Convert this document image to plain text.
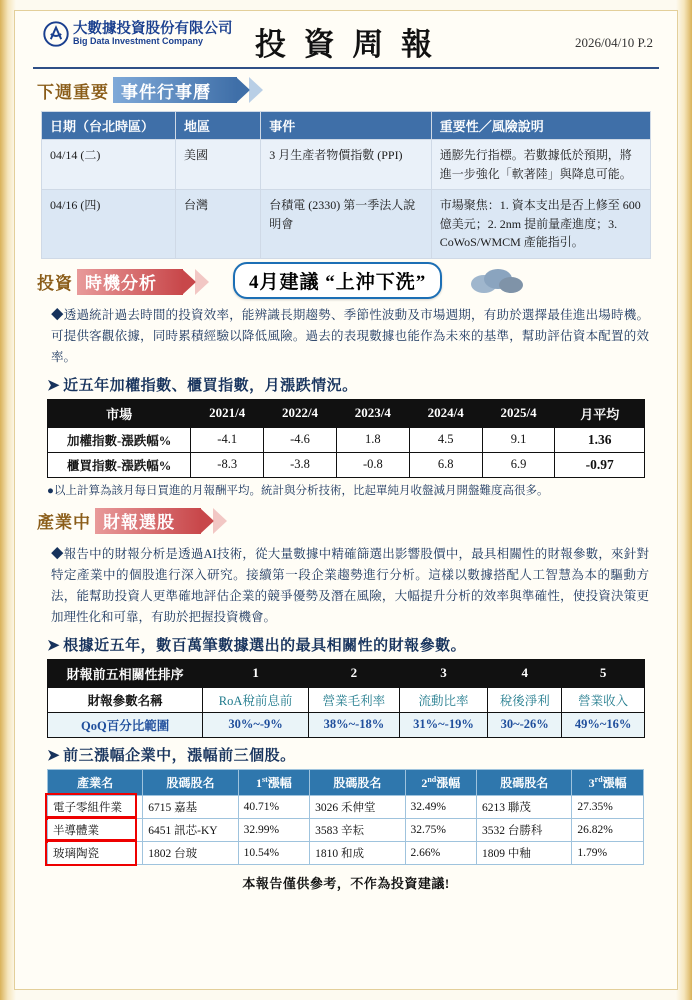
大數據投資股份有限公司
Big Data Investment Company	投 資 周 報	2026/04/10 P.2
下週重要 事件行事曆
日期（台北時區）	地區	事件	重要性／風險說明
04/14 (二)	美國	3 月生產者物價指數 (PPI)	通膨先行指標。若數據低於預期，將進一步強化「軟著陸」與降息可能。
04/16 (四)	台灣	台積電 (2330) 第一季法人說明會	市場聚焦：1. 資本支出是否上修至 600 億美元；2. 2nm 提前量產進度；3. CoWoS/WMCM 產能指引。
投資 時機分析	4月建議 “上沖下洗”
◆透過統計過去時間的投資效率，能辨識長期趨勢、季節性波動及市場週期，有助於選擇最佳進出場時機。可提供客觀依據，同時累積經驗以降低風險。過去的表現數據也能作為未來的基準，幫助評估資本配置的效率。
➤ 近五年加權指數、櫃買指數，月漲跌情況。
市場	2021/4	2022/4	2023/4	2024/4	2025/4	月平均
加權指數-漲跌幅%	-4.1	-4.6	1.8	4.5	9.1	1.36
櫃買指數-漲跌幅%	-8.3	-3.8	-0.8	6.8	6.9	-0.97
●以上計算為該月每日買進的月報酬平均。統計與分析技術，比起單純月收盤減月開盤難度高很多。
產業中 財報選股
◆報告中的財報分析是透過AI技術，從大量數據中精確篩選出影響股價中，最具相關性的財報參數，來針對特定產業中的個股進行深入研究。接續第一段企業趨勢進行分析。這樣以數據搭配人工智慧為本的驅動方法，能幫助投資人更準確地評估企業的競爭優勢及潛在風險，大幅提升分析的效率與準確性，使投資決策更加理性化和可靠，有助於把握投資機會。
➤ 根據近五年，數百萬筆數據選出的最具相關性的財報參數。
財報前五相關性排序	1	2	3	4	5
財報參數名稱	RoA稅前息前	營業毛利率	流動比率	稅後淨利	營業收入
QoQ百分比範圍	30%~-9%	38%~-18%	31%~-19%	30~-26%	49%~16%
➤ 前三漲幅企業中，漲幅前三個股。
產業名	股碼股名	1st漲幅	股碼股名	2nd漲幅	股碼股名	3rd漲幅
電子零組件業	6715 嘉基	40.71%	3026 禾伸堂	32.49%	6213 聯茂	27.35%	
半導體業	6451 訊芯-KY	32.99%	3583 辛耘	32.75%	3532 台勝科	26.82%	
玻璃陶瓷	1802 台玻	10.54%	1810 和成	2.66%	1809 中釉	1.79%	
本報告僅供參考，不作為投資建議!
